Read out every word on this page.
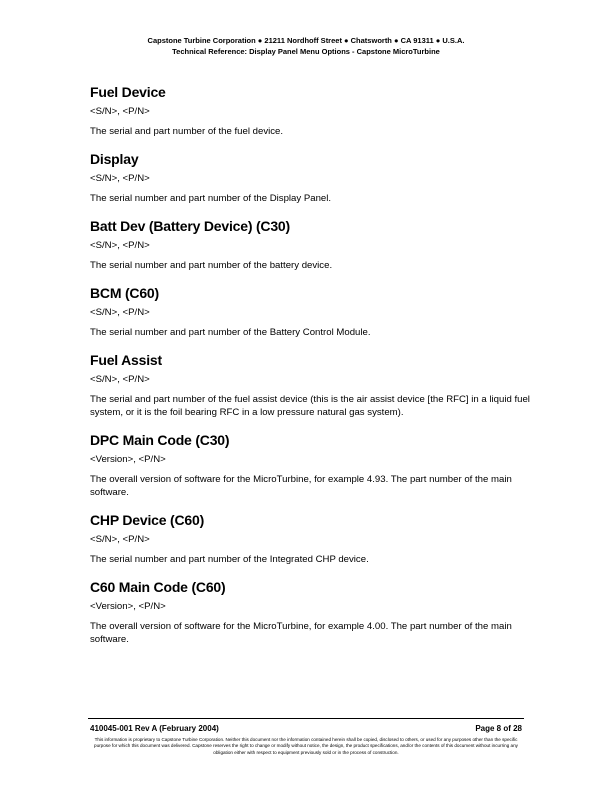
Capstone Turbine Corporation ● 21211 Nordhoff Street ● Chatsworth ● CA 91311 ● U.S.A.
Technical Reference: Display Panel Menu Options - Capstone MicroTurbine
Fuel Device
<S/N>, <P/N>
The serial and part number of the fuel device.
Display
<S/N>, <P/N>
The serial number and part number of the Display Panel.
Batt Dev (Battery Device) (C30)
<S/N>, <P/N>
The serial number and part number of the battery device.
BCM (C60)
<S/N>, <P/N>
The serial number and part number of the Battery Control Module.
Fuel Assist
<S/N>, <P/N>
The serial and part number of the fuel assist device (this is the air assist device [the RFC] in a liquid fuel system, or it is the foil bearing RFC in a low pressure natural gas system).
DPC Main Code (C30)
<Version>, <P/N>
The overall version of software for the MicroTurbine, for example 4.93. The part number of the main software.
CHP Device (C60)
<S/N>, <P/N>
The serial number and part number of the Integrated CHP device.
C60 Main Code (C60)
<Version>, <P/N>
The overall version of software for the MicroTurbine, for example 4.00. The part number of the main software.
410045-001 Rev A (February 2004)	Page 8 of 28
This information is proprietary to Capstone Turbine Corporation. Neither this document nor the information contained herein shall be copied, disclosed to others, or used for any purposes other than the specific purpose for which this document was delivered. Capstone reserves the right to change or modify without notice, the design, the product specifications, and/or the contents of this document without incurring any obligation either with respect to equipment previously sold or in the process of construction.
